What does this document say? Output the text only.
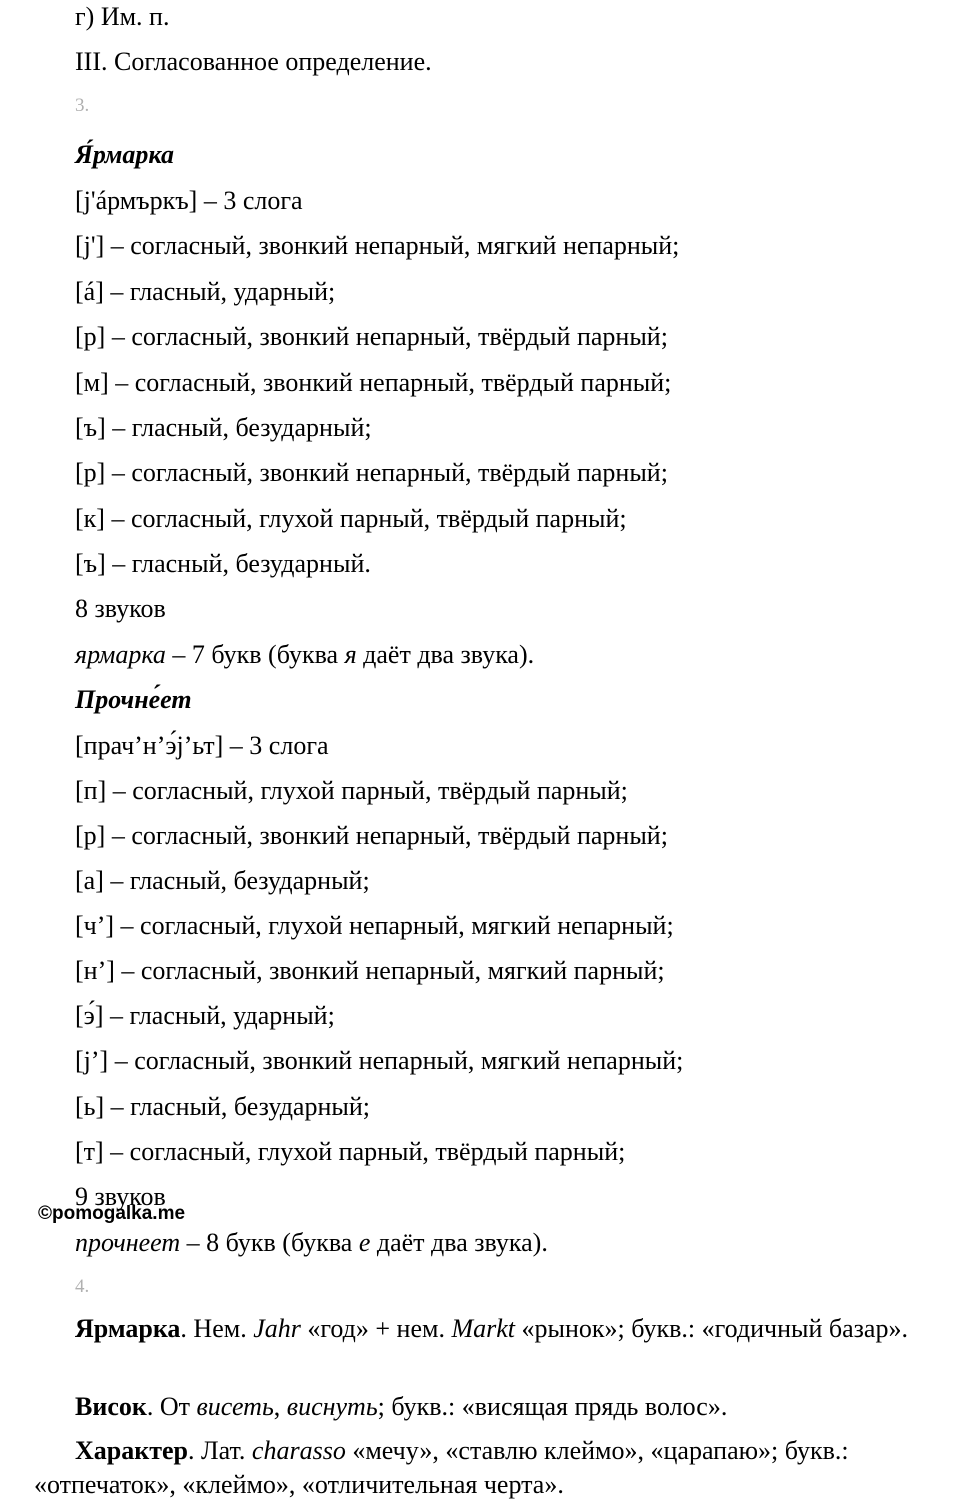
г) Им. п.
III. Согласованное определение.
3.
Я́рмарка
[j'áрмъркъ] – 3 слога
[j'] – согласный, звонкий непарный, мягкий непарный;
[á] – гласный, ударный;
[р] – согласный, звонкий непарный, твёрдый парный;
[м] – согласный, звонкий непарный, твёрдый парный;
[ъ] – гласный, безударный;
[р] – согласный, звонкий непарный, твёрдый парный;
[к] – согласный, глухой парный, твёрдый парный;
[ъ] – гласный, безударный.
8 звуков
ярмарка – 7 букв (буква я даёт два звука).
Прочне́ет
[прач’н’э́j’ьт] – 3 слога
[п] – согласный, глухой парный, твёрдый парный;
[р] – согласный, звонкий непарный, твёрдый парный;
[а] – гласный, безударный;
[ч’] – согласный, глухой непарный, мягкий непарный;
[н’] – согласный, звонкий непарный, мягкий парный;
[э́] – гласный, ударный;
[j’] – согласный, звонкий непарный, мягкий непарный;
[ь] – гласный, безударный;
[т] – согласный, глухой парный, твёрдый парный;
9 звуков
©pomogalka.me
прочнеет – 8 букв (буква е даёт два звука).
4.
Ярмарка. Нем. Jahr «год» + нем. Markt «рынок»; букв.: «годичный базар».
Висок. От висеть, виснуть; букв.: «висящая прядь волос».
Характер. Лат. charasso «мечу», «ставлю клеймо», «царапаю»; букв.: «отпечаток», «клеймо», «отличительная черта».
